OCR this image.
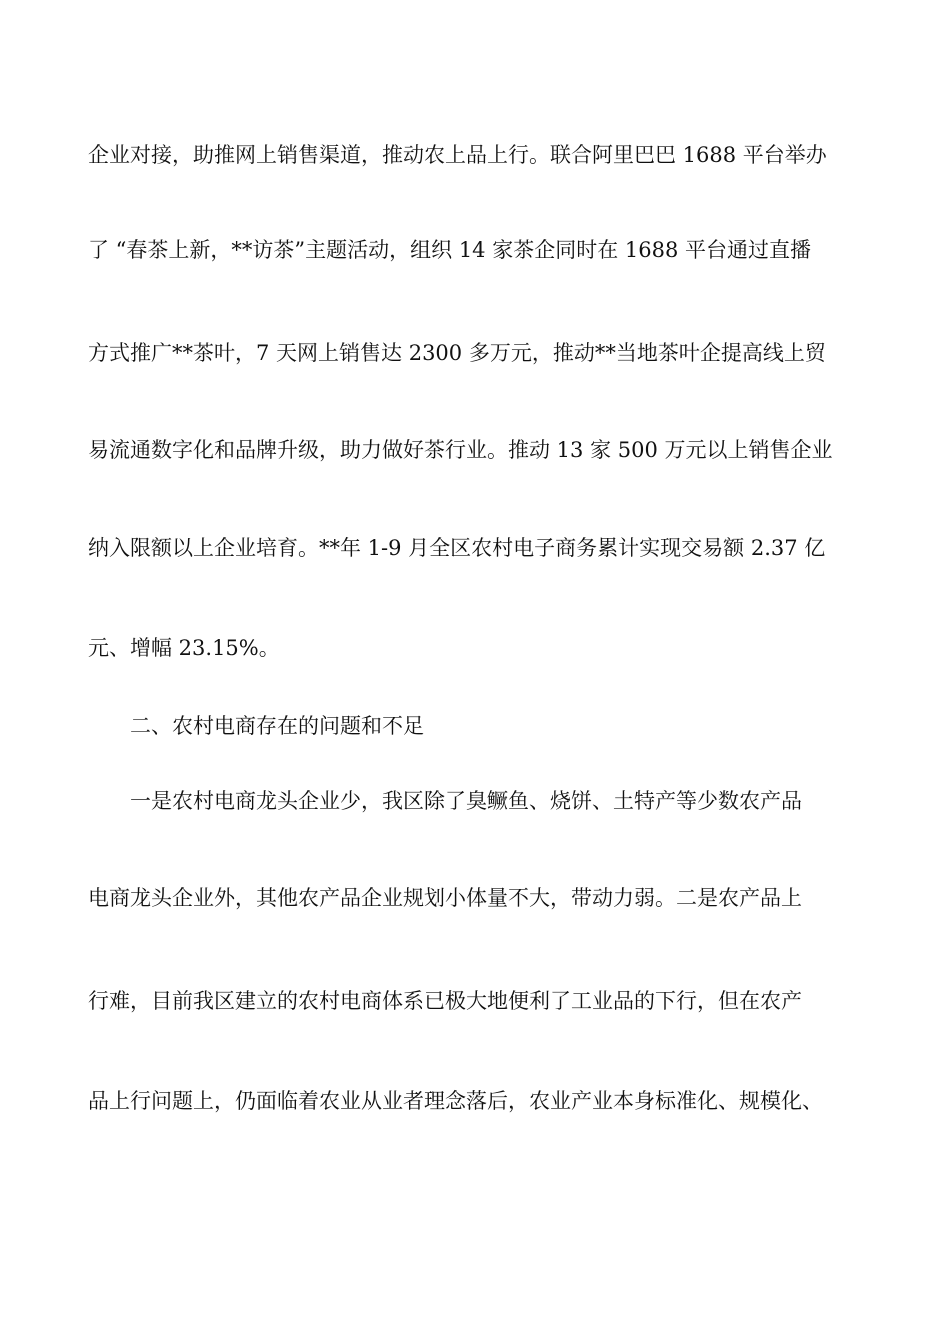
企业对接，助推网上销售渠道，推动农上品上行。联合阿里巴巴 1688 平台举办
了 “春茶上新，**访茶”主题活动，组织 14 家茶企同时在 1688 平台通过直播
方式推广**茶叶，7 天网上销售达 2300 多万元，推动**当地茶叶企提高线上贸
易流通数字化和品牌升级，助力做好茶行业。推动 13 家 500 万元以上销售企业
纳入限额以上企业培育。**年 1-9 月全区农村电子商务累计实现交易额 2.37 亿
元、增幅 23.15%。
二、农村电商存在的问题和不足
一是农村电商龙头企业少，我区除了臭鳜鱼、烧饼、土特产等少数农产品
电商龙头企业外，其他农产品企业规划小体量不大，带动力弱。二是农产品上
行难，目前我区建立的农村电商体系已极大地便利了工业品的下行，但在农产
品上行问题上，仍面临着农业从业者理念落后，农业产业本身标准化、规模化、
